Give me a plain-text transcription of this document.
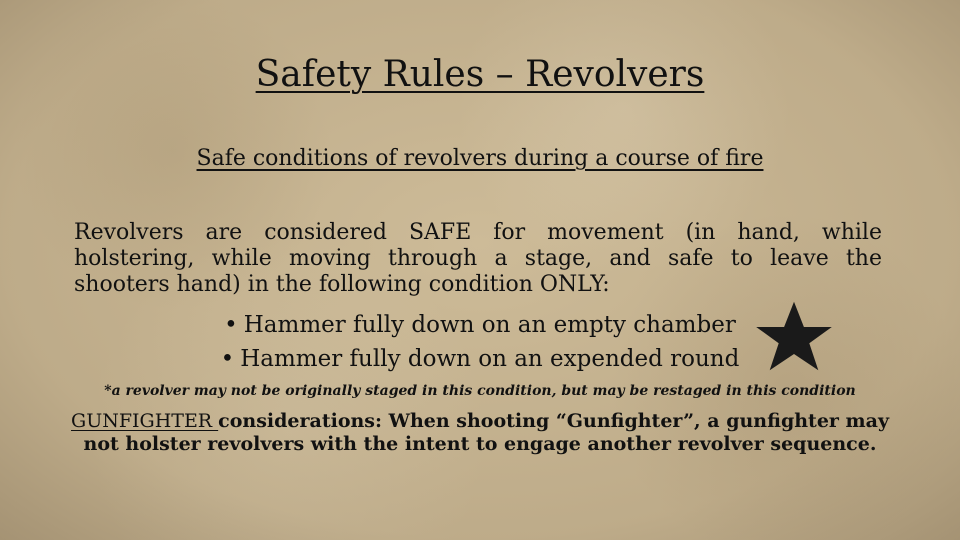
Safety Rules – Revolvers
Safe conditions of revolvers during a course of fire
Revolvers are considered SAFE for movement (in hand, while holstering, while moving through a stage, and safe to leave the shooters hand) in the following condition ONLY:
• Hammer fully down on an empty chamber
• Hammer fully down on an expended round
*a revolver may not be originally staged in this condition, but may be restaged in this condition
GUNFIGHTER considerations: When shooting “Gunfighter”, a gunfighter may not holster revolvers with the intent to engage another revolver sequence.
